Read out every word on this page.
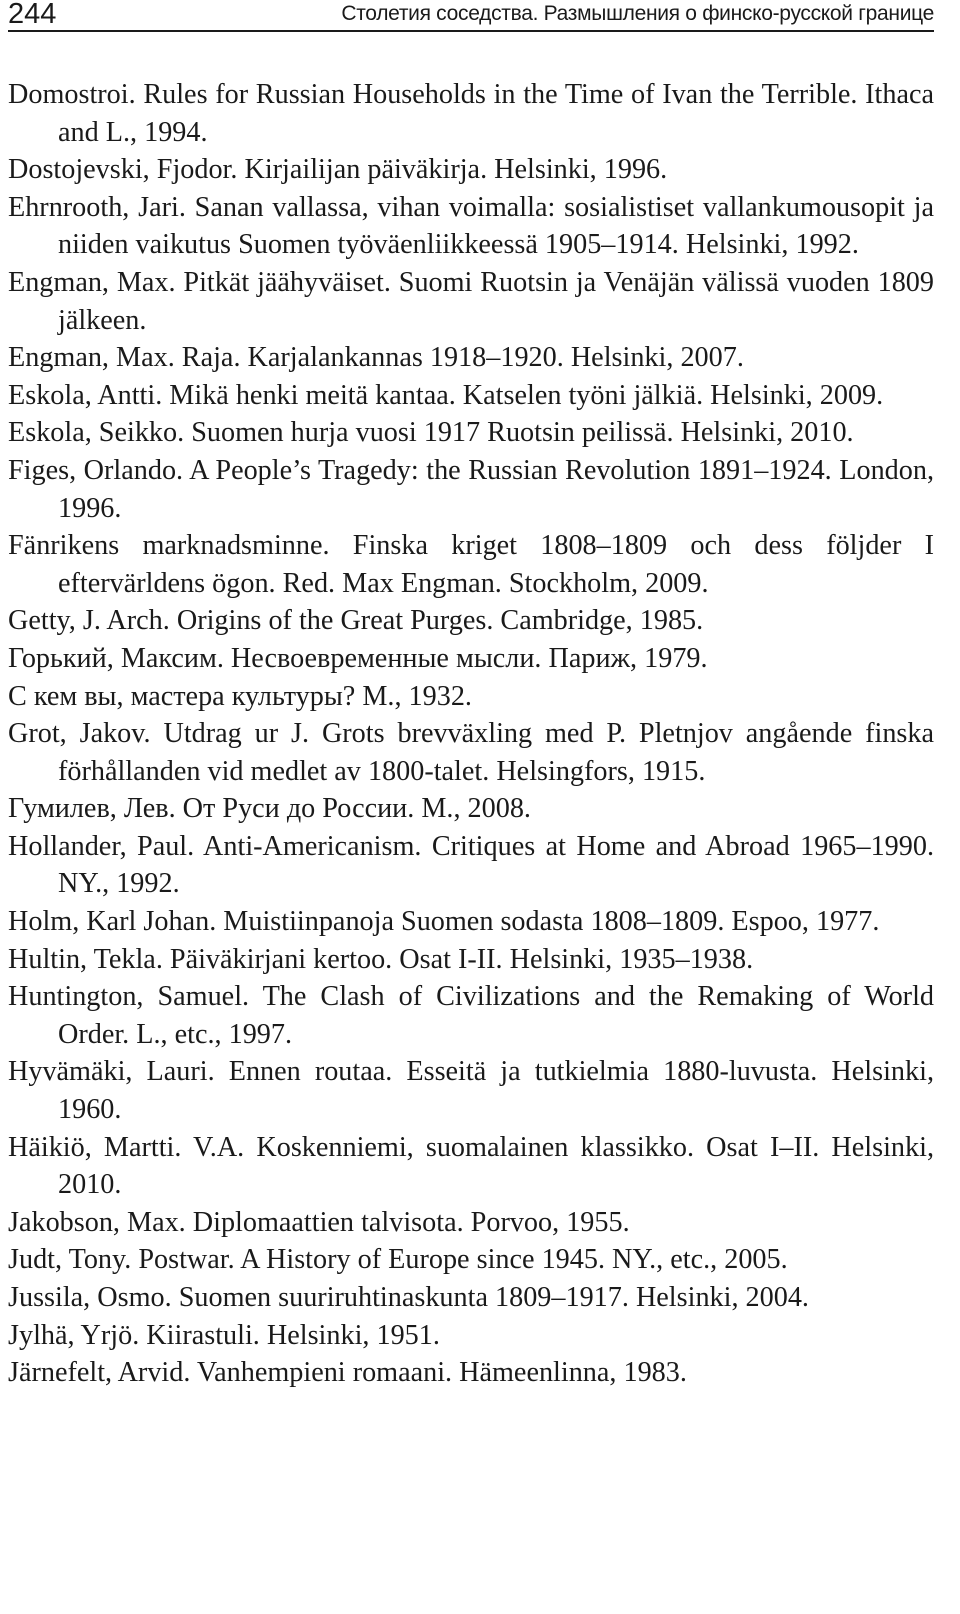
244	Столетия соседства. Размышления о финско-русской границе
Domostroi. Rules for Russian Households in the Time of Ivan the Terrible. Ithaca and L., 1994.
Dostojevski, Fjodor. Kirjailijan päiväkirja. Helsinki, 1996.
Ehrnrooth, Jari. Sanan vallassa, vihan voimalla: sosialistiset vallankumousopit ja niiden vaikutus Suomen työväenliikkeessä 1905–1914. Helsinki, 1992.
Engman, Max. Pitkät jäähyväiset. Suomi Ruotsin ja Venäjän välissä vuoden 1809 jälkeen.
Engman, Max. Raja. Karjalankannas 1918–1920. Helsinki, 2007.
Eskola, Antti. Mikä henki meitä kantaa. Katselen työni jälkiä. Helsinki, 2009.
Eskola, Seikko. Suomen hurja vuosi 1917 Ruotsin peilissä. Helsinki, 2010.
Figes, Orlando. A People’s Tragedy: the Russian Revolution 1891–1924. London, 1996.
Fänrikens marknadsminne. Finska kriget 1808–1809 och dess följder I eftervärldens ögon. Red. Max Engman. Stockholm, 2009.
Getty, J. Arch. Origins of the Great Purges. Cambridge, 1985.
Горький, Максим. Несвоевременные мысли. Париж, 1979.
С кем вы, мастера культуры? М., 1932.
Grot, Jakov. Utdrag ur J. Grots brevväxling med P. Pletnjov angående finska förhållanden vid medlet av 1800-talet. Helsingfors, 1915.
Гумилев, Лев. От Руси до России. М., 2008.
Hollander, Paul. Anti-Americanism. Critiques at Home and Abroad 1965–1990. NY., 1992.
Holm, Karl Johan. Muistiinpanoja Suomen sodasta 1808–1809. Espoo, 1977.
Hultin, Tekla. Päiväkirjani kertoo. Osat I-II. Helsinki, 1935–1938.
Huntington, Samuel. The Clash of Civilizations and the Remaking of World Order. L., etc., 1997.
Hyvämäki, Lauri. Ennen routaa. Esseitä ja tutkielmia 1880-luvusta. Helsinki, 1960.
Häikiö, Martti. V.A. Koskenniemi, suomalainen klassikko. Osat I–II. Helsinki, 2010.
Jakobson, Max. Diplomaattien talvisota. Porvoo, 1955.
Judt, Tony. Postwar. A History of Europe since 1945. NY., etc., 2005.
Jussila, Osmo. Suomen suuriruhtinaskunta 1809–1917. Helsinki, 2004.
Jylhä, Yrjö. Kiirastuli. Helsinki, 1951.
Järnefelt, Arvid. Vanhempieni romaani. Hämeenlinna, 1983.
